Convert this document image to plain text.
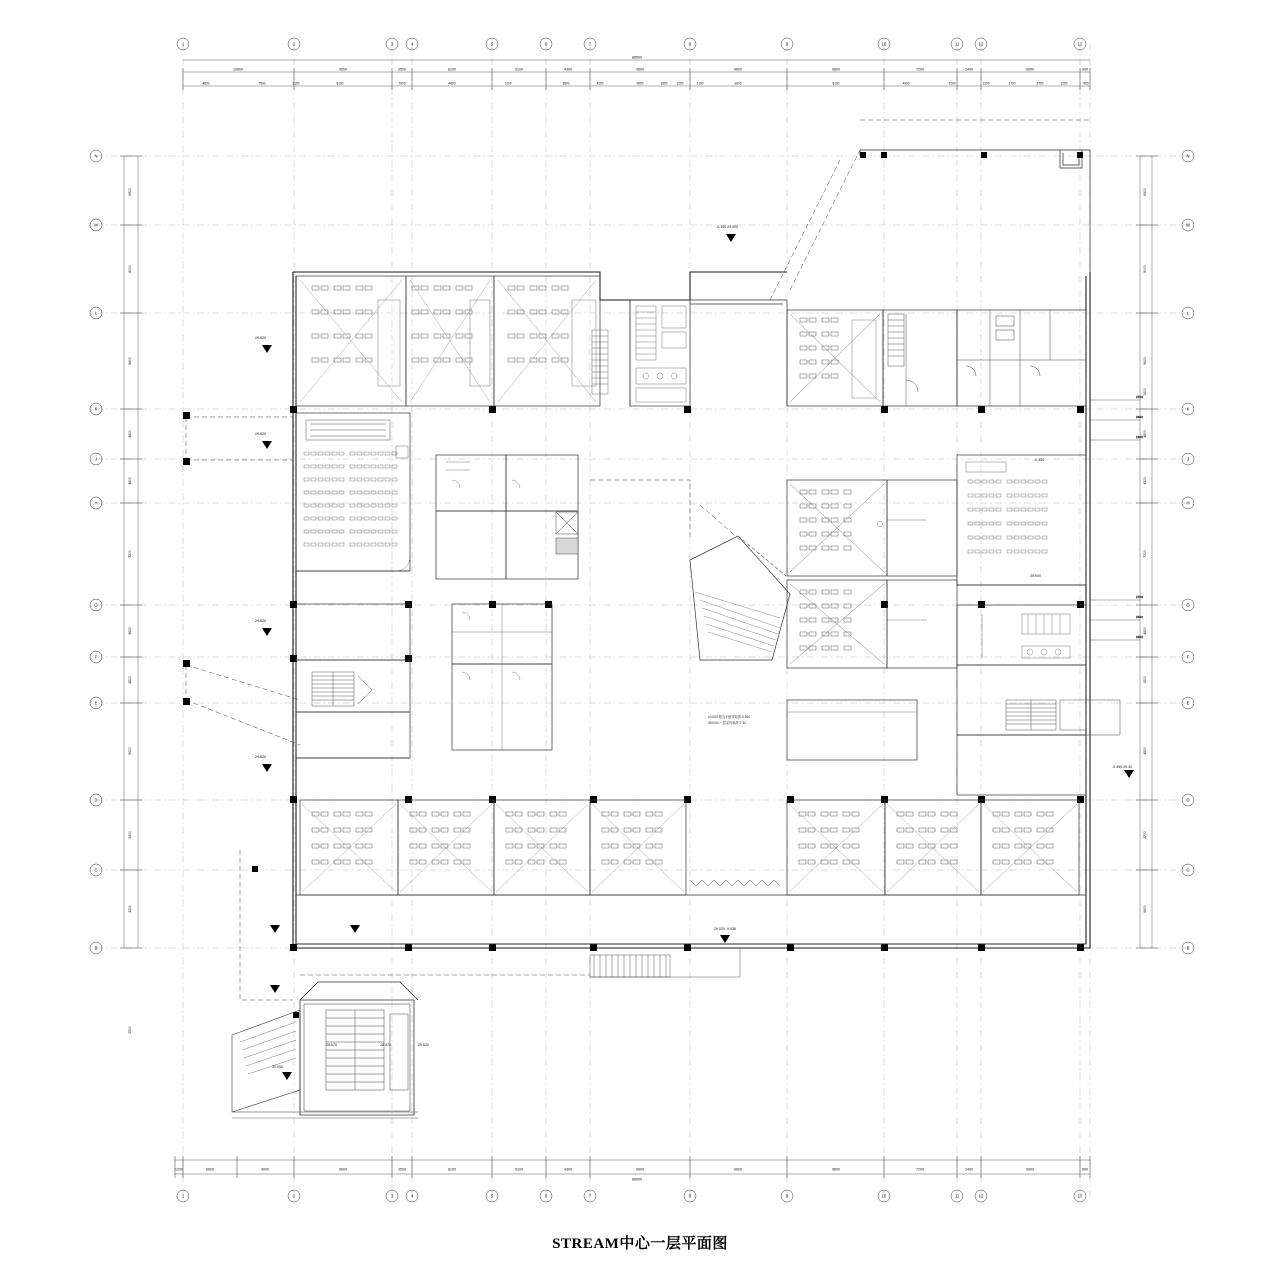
1	2	3	4	5	6	7	8	9	10	11	12	13
1	2	3	4	5	6	7	8	9	10	11	12	13
N
M
L
K
J
H
G
F
E
D
C
B
N
M
L
K
J
H
G
F
E
D
C
B
88500
10800	9600	3500	8100	5100	4300	9600	9600	9600	7200	2400	9600	900
4800	7500	2100	8100	7000	4800	7200	3800	4200	9600	1800	1200	2100	9600	8100	4900	7200	1200	2700	2700	1200	900
88500
1200	6600	4000	9600	3500	8100	5100	4300	9600	9600	9600	7200	2400	9600	900
6900
8000
9600
4800
4800
7200
4800
4800
6600
3900
4200
3500
6900
8000
9600
1500
4800
4300
7200
4800
1500
4800
2700
6600
-0.150 29.000
29.620
29.620
29.620
29.620
-0.450
30.000
-0.450 29.30
29.020 -0.036
29.570	28.970	29.620
31.050
±0.000 相当于绝对标高-0.900
30.000=一层室内地坪-7.9C
2700
1800
1200
2700
1500
1500
STREAM中心一层平面图
